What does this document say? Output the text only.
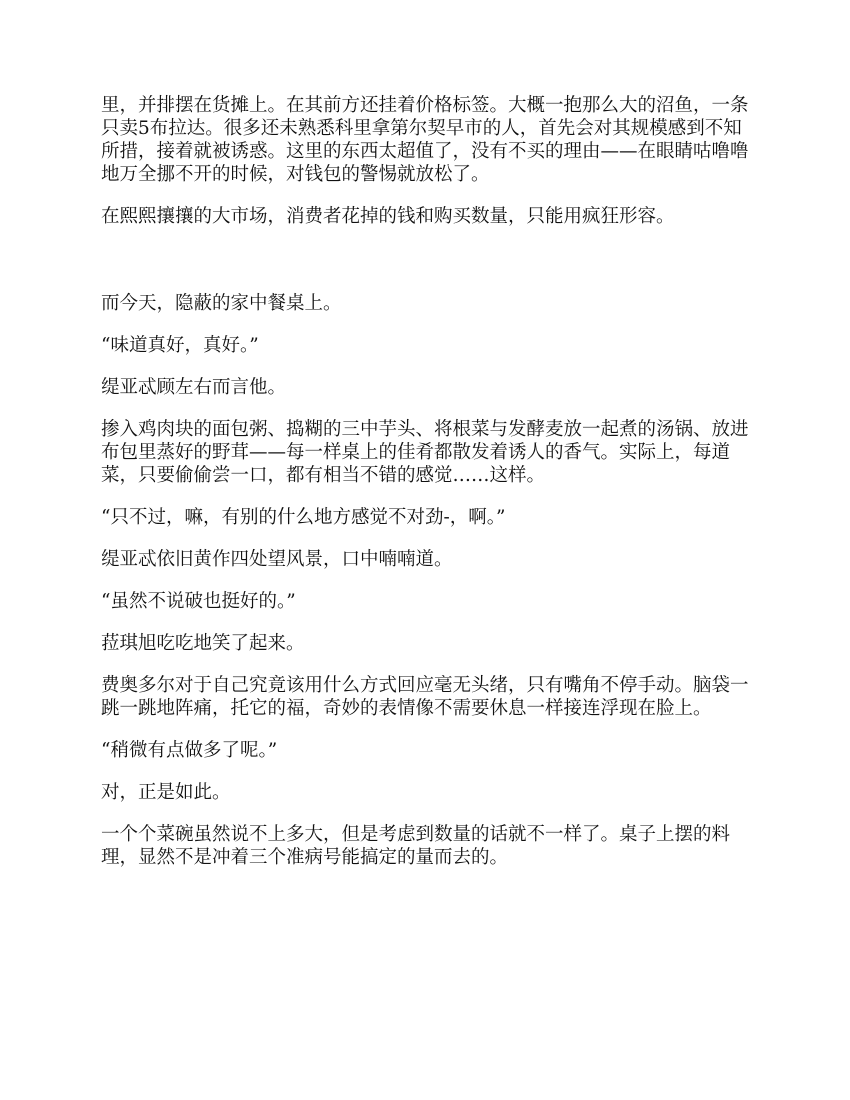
里，并排摆在货摊上。在其前方还挂着价格标签。大概一抱那么大的沼鱼，一条只卖5布拉达。很多还未熟悉科里拿第尔契早市的人，首先会对其规模感到不知所措，接着就被诱惑。这里的东西太超值了，没有不买的理由——在眼睛咕噜噜地万全挪不开的时候，对钱包的警惕就放松了。

在熙熙攘攘的大市场，消费者花掉的钱和购买数量，只能用疯狂形容。

而今天，隐蔽的家中餐桌上。

“味道真好，真好。”

缇亚忒顾左右而言他。

掺入鸡肉块的面包粥、捣糊的三中芋头、将根菜与发酵麦放一起煮的汤锅、放进布包里蒸好的野茸——每一样桌上的佳肴都散发着诱人的香气。实际上，每道菜，只要偷偷尝一口，都有相当不错的感觉……这样。

“只不过，嘛，有别的什么地方感觉不对劲-，啊。”

缇亚忒依旧黄作四处望风景，口中喃喃道。

“虽然不说破也挺好的。”

菈琪旭吃吃地笑了起来。

费奥多尔对于自己究竟该用什么方式回应毫无头绪，只有嘴角不停手动。脑袋一跳一跳地阵痛，托它的福，奇妙的表情像不需要休息一样接连浮现在脸上。

“稍微有点做多了呢。”

对，正是如此。

一个个菜碗虽然说不上多大，但是考虑到数量的话就不一样了。桌子上摆的料理，显然不是冲着三个准病号能搞定的量而去的。
